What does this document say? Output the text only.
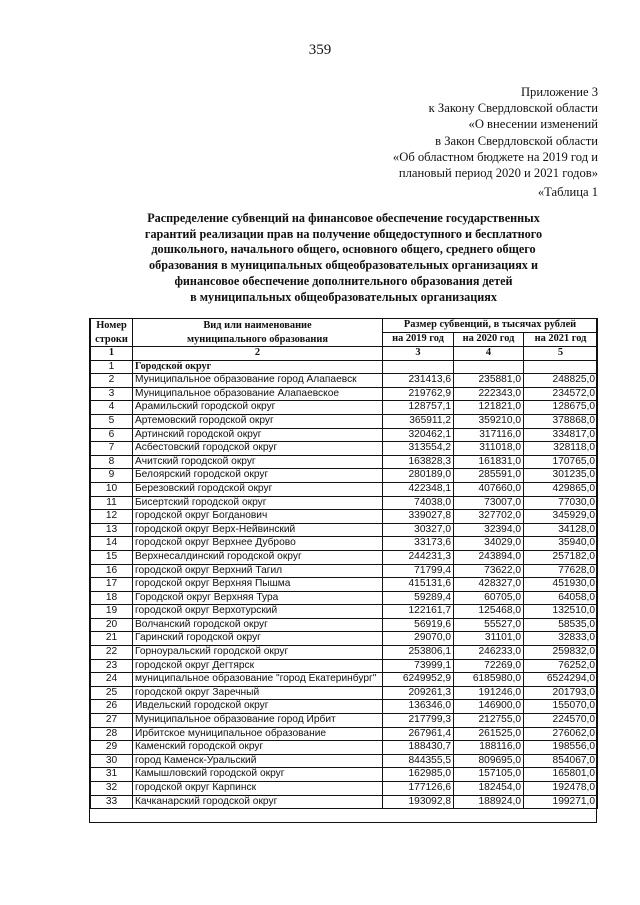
359
Приложение 3
к Закону Свердловской области
«О внесении изменений
в Закон Свердловской области
«Об областном бюджете на 2019 год и
плановый период 2020 и 2021 годов»
«Таблица 1
Распределение субвенций на финансовое обеспечение государственных
гарантий реализации прав на получение общедоступного и бесплатного
дошкольного, начального общего, основного общего, среднего общего
образования в муниципальных общеобразовательных организациях и
финансовое обеспечение дополнительного образования детей
в муниципальных общеобразовательных организациях
Номер строки	Вид или наименование муниципального образования	Размер субвенций, в тысячах рублей		
		на 2019 год	на 2020 год	на 2021 год
1	2	3	4	5
1	Городской округ			
2	Муниципальное образование город Алапаевск	231413,6	235881,0	248825,0
3	Муниципальное образование Алапаевское	219762,9	222343,0	234572,0
4	Арамильский городской округ	128757,1	121821,0	128675,0
5	Артемовский городской округ	365911,2	359210,0	378868,0
6	Артинский городской округ	320462,1	317116,0	334817,0
7	Асбестовский городской округ	313554,2	311018,0	328118,0
8	Ачитский городской округ	163828,3	161831,0	170765,0
9	Белоярский городской округ	280189,0	285591,0	301235,0
10	Березовский городской округ	422348,1	407660,0	429865,0
11	Бисертский городской округ	74038,0	73007,0	77030,0
12	городской округ Богданович	339027,8	327702,0	345929,0
13	городской округ Верх-Нейвинский	30327,0	32394,0	34128,0
14	городской округ Верхнее Дуброво	33173,6	34029,0	35940,0
15	Верхнесалдинский городской округ	244231,3	243894,0	257182,0
16	городской округ Верхний Тагил	71799,4	73622,0	77628,0
17	городской округ Верхняя Пышма	415131,6	428327,0	451930,0
18	Городской округ Верхняя Тура	59289,4	60705,0	64058,0
19	городской округ Верхотурский	122161,7	125468,0	132510,0
20	Волчанский городской округ	56919,6	55527,0	58535,0
21	Гаринский городской округ	29070,0	31101,0	32833,0
22	Горноуральский городской округ	253806,1	246233,0	259832,0
23	городской округ Дегтярск	73999,1	72269,0	76252,0
24	муниципальное образование "город Екатеринбург"	6249952,9	6185980,0	6524294,0
25	городской округ Заречный	209261,3	191246,0	201793,0
26	Ивдельский городской округ	136346,0	146900,0	155070,0
27	Муниципальное образование город Ирбит	217799,3	212755,0	224570,0
28	Ирбитское муниципальное образование	267961,4	261525,0	276062,0
29	Каменский городской округ	188430,7	188116,0	198556,0
30	город Каменск-Уральский	844355,5	809695,0	854067,0
31	Камышловский городской округ	162985,0	157105,0	165801,0
32	городской округ Карпинск	177126,6	182454,0	192478,0
33	Качканарский городской округ	193092,8	188924,0	199271,0
